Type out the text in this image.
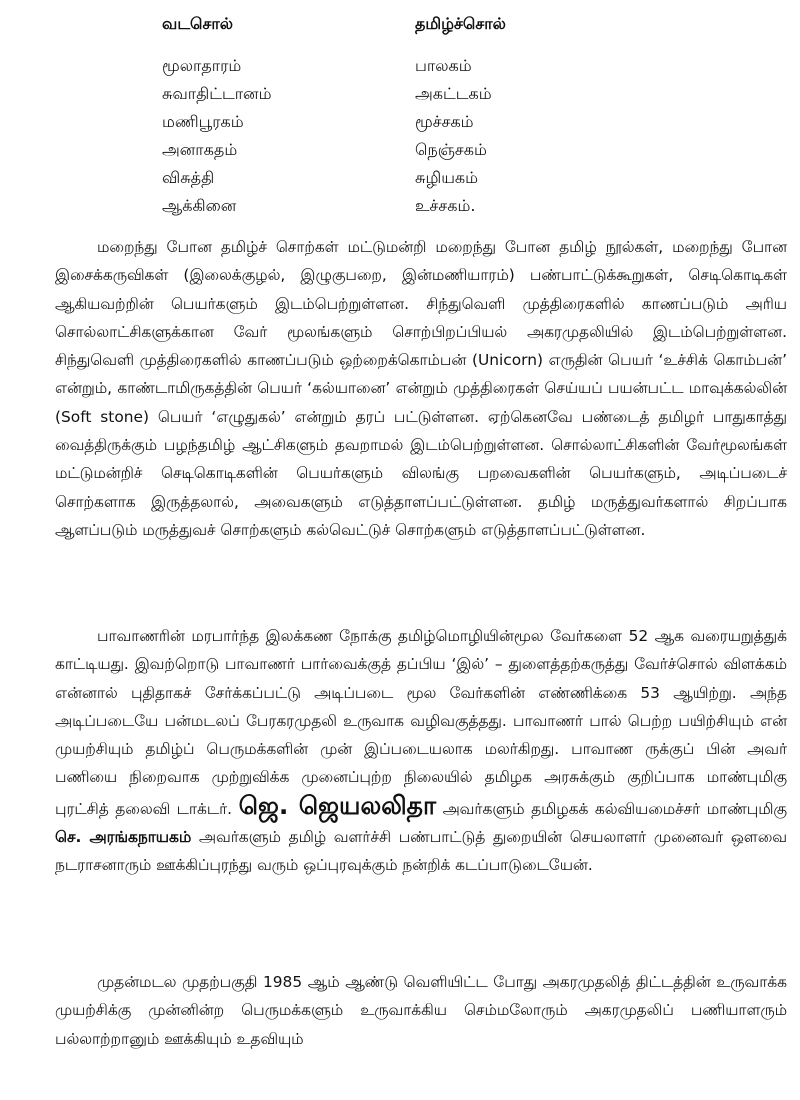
வடசொல்	தமிழ்ச்சொல்
மூலாதாரம்	பாலகம்
சுவாதிட்டானம்	அகட்டகம்
மணிபூரகம்	மூச்சகம்
அனாகதம்	நெஞ்சகம்
விசுத்தி	சுழியகம்
ஆக்கினை	உச்சகம்.

மறைந்து போன தமிழ்ச் சொற்கள் மட்டுமன்றி மறைந்து போன தமிழ் நூல்கள், மறைந்து போன இசைக்கருவிகள் (இலைக்குழல், இழுகுபறை, இன்மணியாரம்) பண்பாட்டுக்கூறுகள், செடிகொடிகள் ஆகியவற்றின் பெயர்களும் இடம்பெற்றுள்ளன. சிந்துவெளி முத்திரைகளில் காணப்படும் அரிய சொல்லாட்சிகளுக்கான வேர் மூலங்களும் சொற்பிறப்பியல் அகரமுதலியில் இடம்பெற்றுள்ளன. சிந்துவெளி முத்திரைகளில் காணப்படும் ஒற்றைக்கொம்பன் (Unicorn) எருதின் பெயர் ‘உச்சிக் கொம்பன்’ என்றும், காண்டாமிருகத்தின் பெயர் ‘கல்யானை’ என்றும் முத்திரைகள் செய்யப் பயன்பட்ட மாவுக்கல்லின் (Soft stone) பெயர் ‘எழுதுகல்’ என்றும் தரப் பட்டுள்ளன. ஏற்கெனவே பண்டைத் தமிழர் பாதுகாத்து வைத்திருக்கும் பழந்தமிழ் ஆட்சிகளும் தவறாமல் இடம்பெற்றுள்ளன. சொல்லாட்சிகளின் வேர்மூலங்கள் மட்டுமன்றிச் செடிகொடிகளின் பெயர்களும் விலங்கு பறவைகளின் பெயர்களும், அடிப்படைச் சொற்களாக இருத்தலால், அவைகளும் எடுத்தாளப்பட்டுள்ளன. தமிழ் மருத்துவர்களால் சிறப்பாக ஆளப்படும் மருத்துவச் சொற்களும் கல்வெட்டுச் சொற்களும் எடுத்தாளப்பட்டுள்ளன.

பாவாணரின் மரபார்ந்த இலக்கண நோக்கு தமிழ்மொழியின்மூல வேர்களை 52 ஆக வரையறுத்துக் காட்டியது. இவற்றொடு பாவாணர் பார்வைக்குத் தப்பிய ‘இல்’ – துளைத்தற்கருத்து வேர்ச்சொல் விளக்கம் என்னால் புதிதாகச் சேர்க்கப்பட்டு அடிப்படை மூல வேர்களின் எண்ணிக்கை 53 ஆயிற்று. அந்த அடிப்படையே பன்மடலப் பேரகரமுதலி உருவாக வழிவகுத்தது. பாவாணர் பால் பெற்ற பயிற்சியும் என் முயற்சியும் தமிழ்ப் பெருமக்களின் முன் இப்படையலாக மலர்கிறது. பாவாண ருக்குப் பின் அவர் பணியை நிறைவாக முற்றுவிக்க முனைப்புற்ற நிலையில் தமிழக அரசுக்கும் குறிப்பாக மாண்புமிகு புரட்சித் தலைவி டாக்டர். ஜெ. ஜெயலலிதா அவர்களும் தமிழகக் கல்வியமைச்சர் மாண்புமிகு செ. அரங்கநாயகம் அவர்களும் தமிழ் வளர்ச்சி பண்பாட்டுத் துறையின் செயலாளர் முனைவர் ஒளவை நடராசனாரும் ஊக்கிப்புரந்து வரும் ஒப்புரவுக்கும் நன்றிக் கடப்பாடுடையேன்.

முதன்மடல முதற்பகுதி 1985 ஆம் ஆண்டு வெளியிட்ட போது அகரமுதலித் திட்டத்தின் உருவாக்க முயற்சிக்கு முன்னின்ற பெருமக்களும் உருவாக்கிய செம்மலோரும் அகரமுதலிப் பணியாளரும் பல்லாற்றானும் ஊக்கியும் உதவியும்
